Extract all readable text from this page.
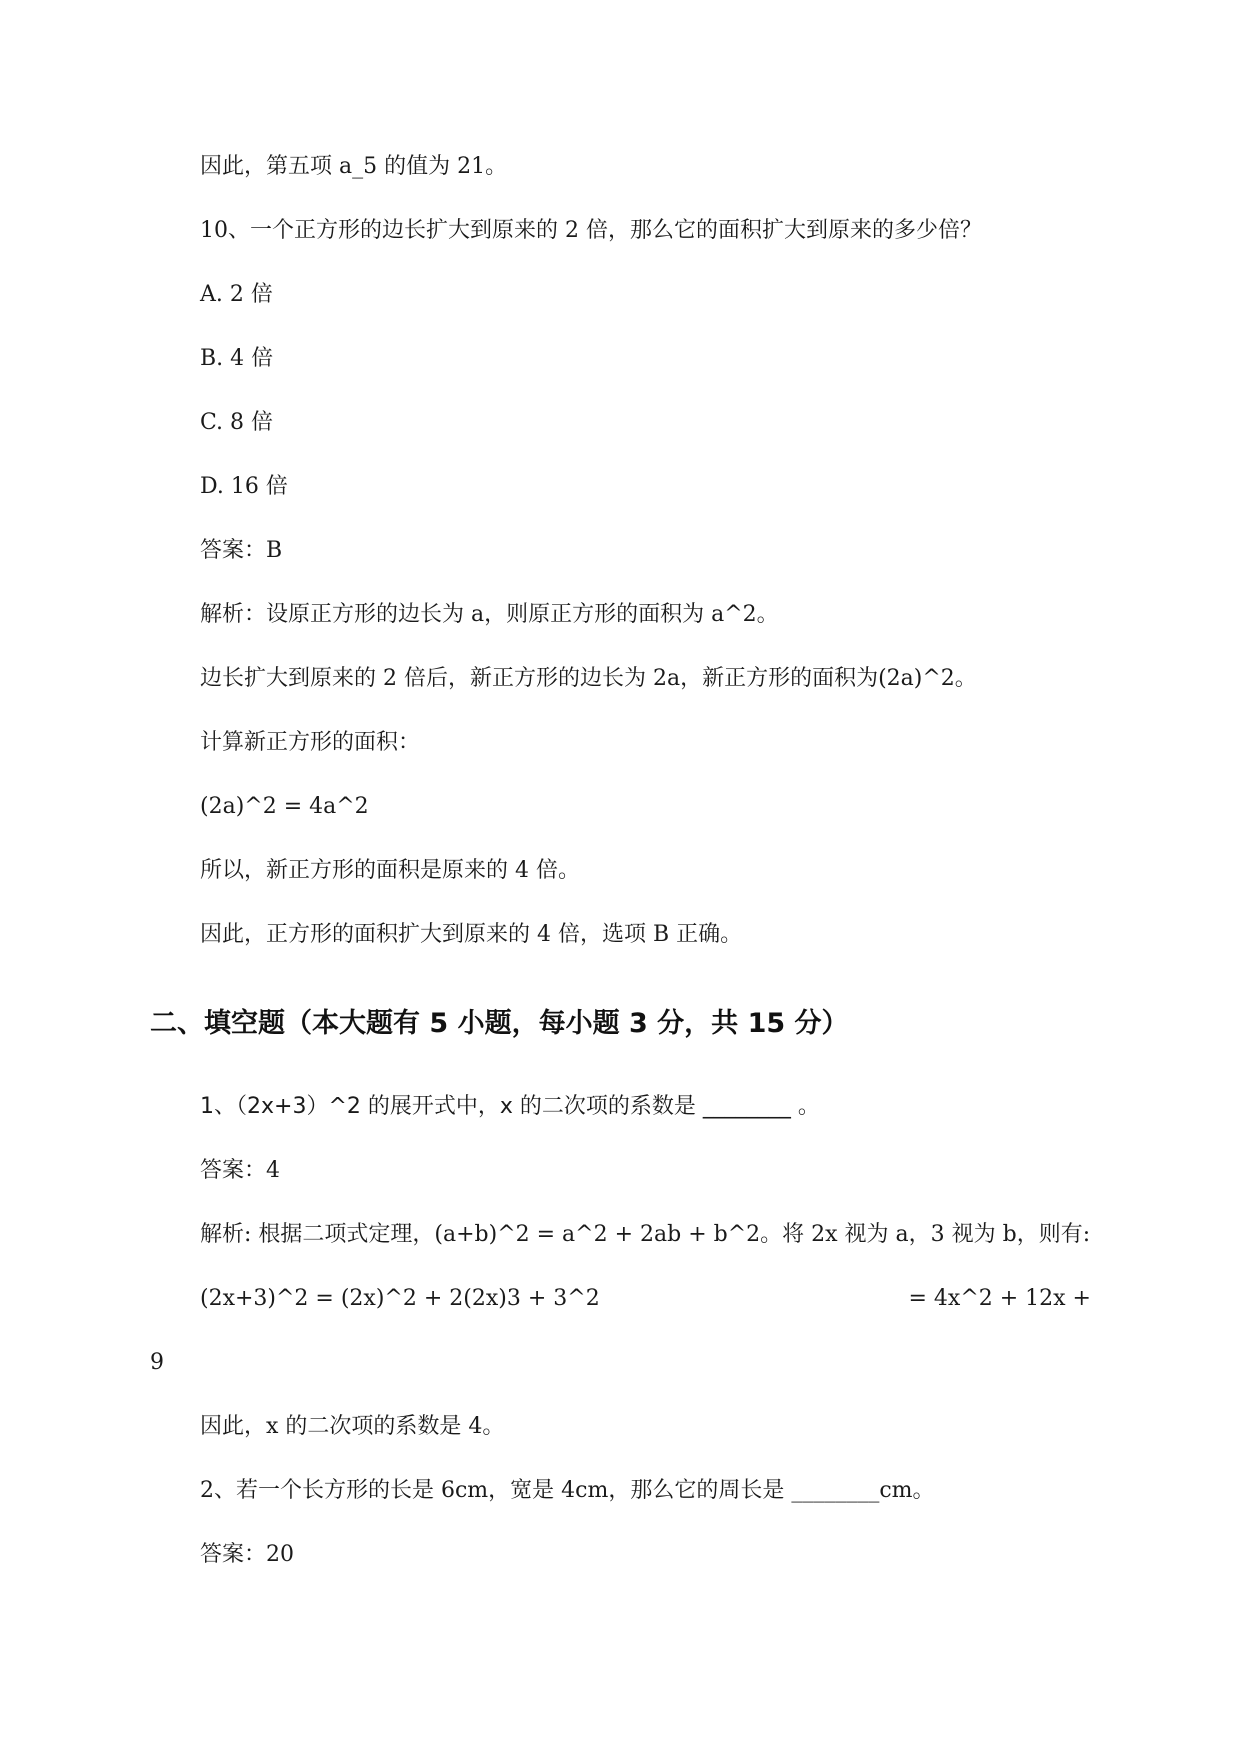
因此，第五项 a_5 的值为 21。
10、一个正方形的边长扩大到原来的 2 倍，那么它的面积扩大到原来的多少倍？
A. 2 倍
B. 4 倍
C. 8 倍
D. 16 倍
答案：B
解析：设原正方形的边长为 a，则原正方形的面积为 a^2。
边长扩大到原来的 2 倍后，新正方形的边长为 2a，新正方形的面积为(2a)^2。
计算新正方形的面积：
(2a)^2 = 4a^2
所以，新正方形的面积是原来的 4 倍。
因此，正方形的面积扩大到原来的 4 倍，选项 B 正确。
二、填空题（本大题有 5 小题，每小题 3 分，共 15 分）
1、（2x+3）^2 的展开式中，x 的二次项的系数是 ________ 。
答案：4
解析: 根据二项式定理，(a+b)^2 = a^2 + 2ab + b^2。将 2x 视为 a，3 视为 b，则有:
(2x+3)^2 = (2x)^2 + 2(2x)3 + 3^2	= 4x^2 + 12x +
9
因此，x 的二次项的系数是 4。
2、若一个长方形的长是 6cm，宽是 4cm，那么它的周长是 ________cm。
答案：20
